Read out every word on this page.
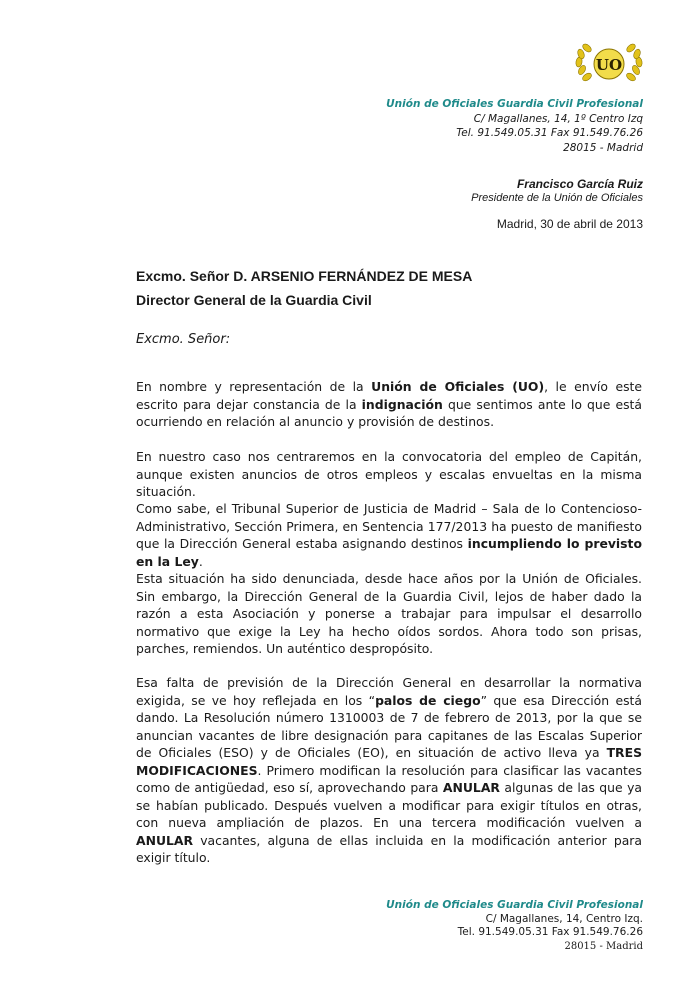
UO
Unión de Oficiales Guardia Civil Profesional
C/ Magallanes, 14, 1º Centro Izq
Tel. 91.549.05.31 Fax 91.549.76.26
28015 - Madrid
Francisco García Ruiz
Presidente de la Unión de Oficiales
Madrid, 30 de abril de 2013
Excmo. Señor D. ARSENIO FERNÁNDEZ DE MESA
Director General de la Guardia Civil
Excmo. Señor:

En nombre y representación de la Unión de Oficiales (UO), le envío este escrito para dejar constancia de la indignación que sentimos ante lo que está ocurriendo en relación al anuncio y provisión de destinos.

En nuestro caso nos centraremos en la convocatoria del empleo de Capitán, aunque existen anuncios de otros empleos y escalas envueltas en la misma situación.

Como sabe, el Tribunal Superior de Justicia de Madrid – Sala de lo Contencioso-Administrativo, Sección Primera, en Sentencia 177/2013 ha puesto de manifiesto que la Dirección General estaba asignando destinos incumpliendo lo previsto en la Ley.

Esta situación ha sido denunciada, desde hace años por la Unión de Oficiales. Sin embargo, la Dirección General de la Guardia Civil, lejos de haber dado la razón a esta Asociación y ponerse a trabajar para impulsar el desarrollo normativo que exige la Ley ha hecho oídos sordos. Ahora todo son prisas, parches, remiendos. Un auténtico despropósito.

Esa falta de previsión de la Dirección General en desarrollar la normativa exigida, se ve hoy reflejada en los “palos de ciego” que esa Dirección está dando. La Resolución número 1310003 de 7 de febrero de 2013, por la que se anuncian vacantes de libre designación para capitanes de las Escalas Superior de Oficiales (ESO) y de Oficiales (EO), en situación de activo lleva ya TRES MODIFICACIONES. Primero modifican la resolución para clasificar las vacantes como de antigüedad, eso sí, aprovechando para ANULAR algunas de las que ya se habían publicado. Después vuelven a modificar para exigir títulos en otras, con nueva ampliación de plazos. En una tercera modificación vuelven a ANULAR vacantes, alguna de ellas incluida en la modificación anterior para exigir título.

Unión de Oficiales Guardia Civil Profesional
C/ Magallanes, 14, Centro Izq.
Tel. 91.549.05.31 Fax 91.549.76.26
28015 - Madrid
